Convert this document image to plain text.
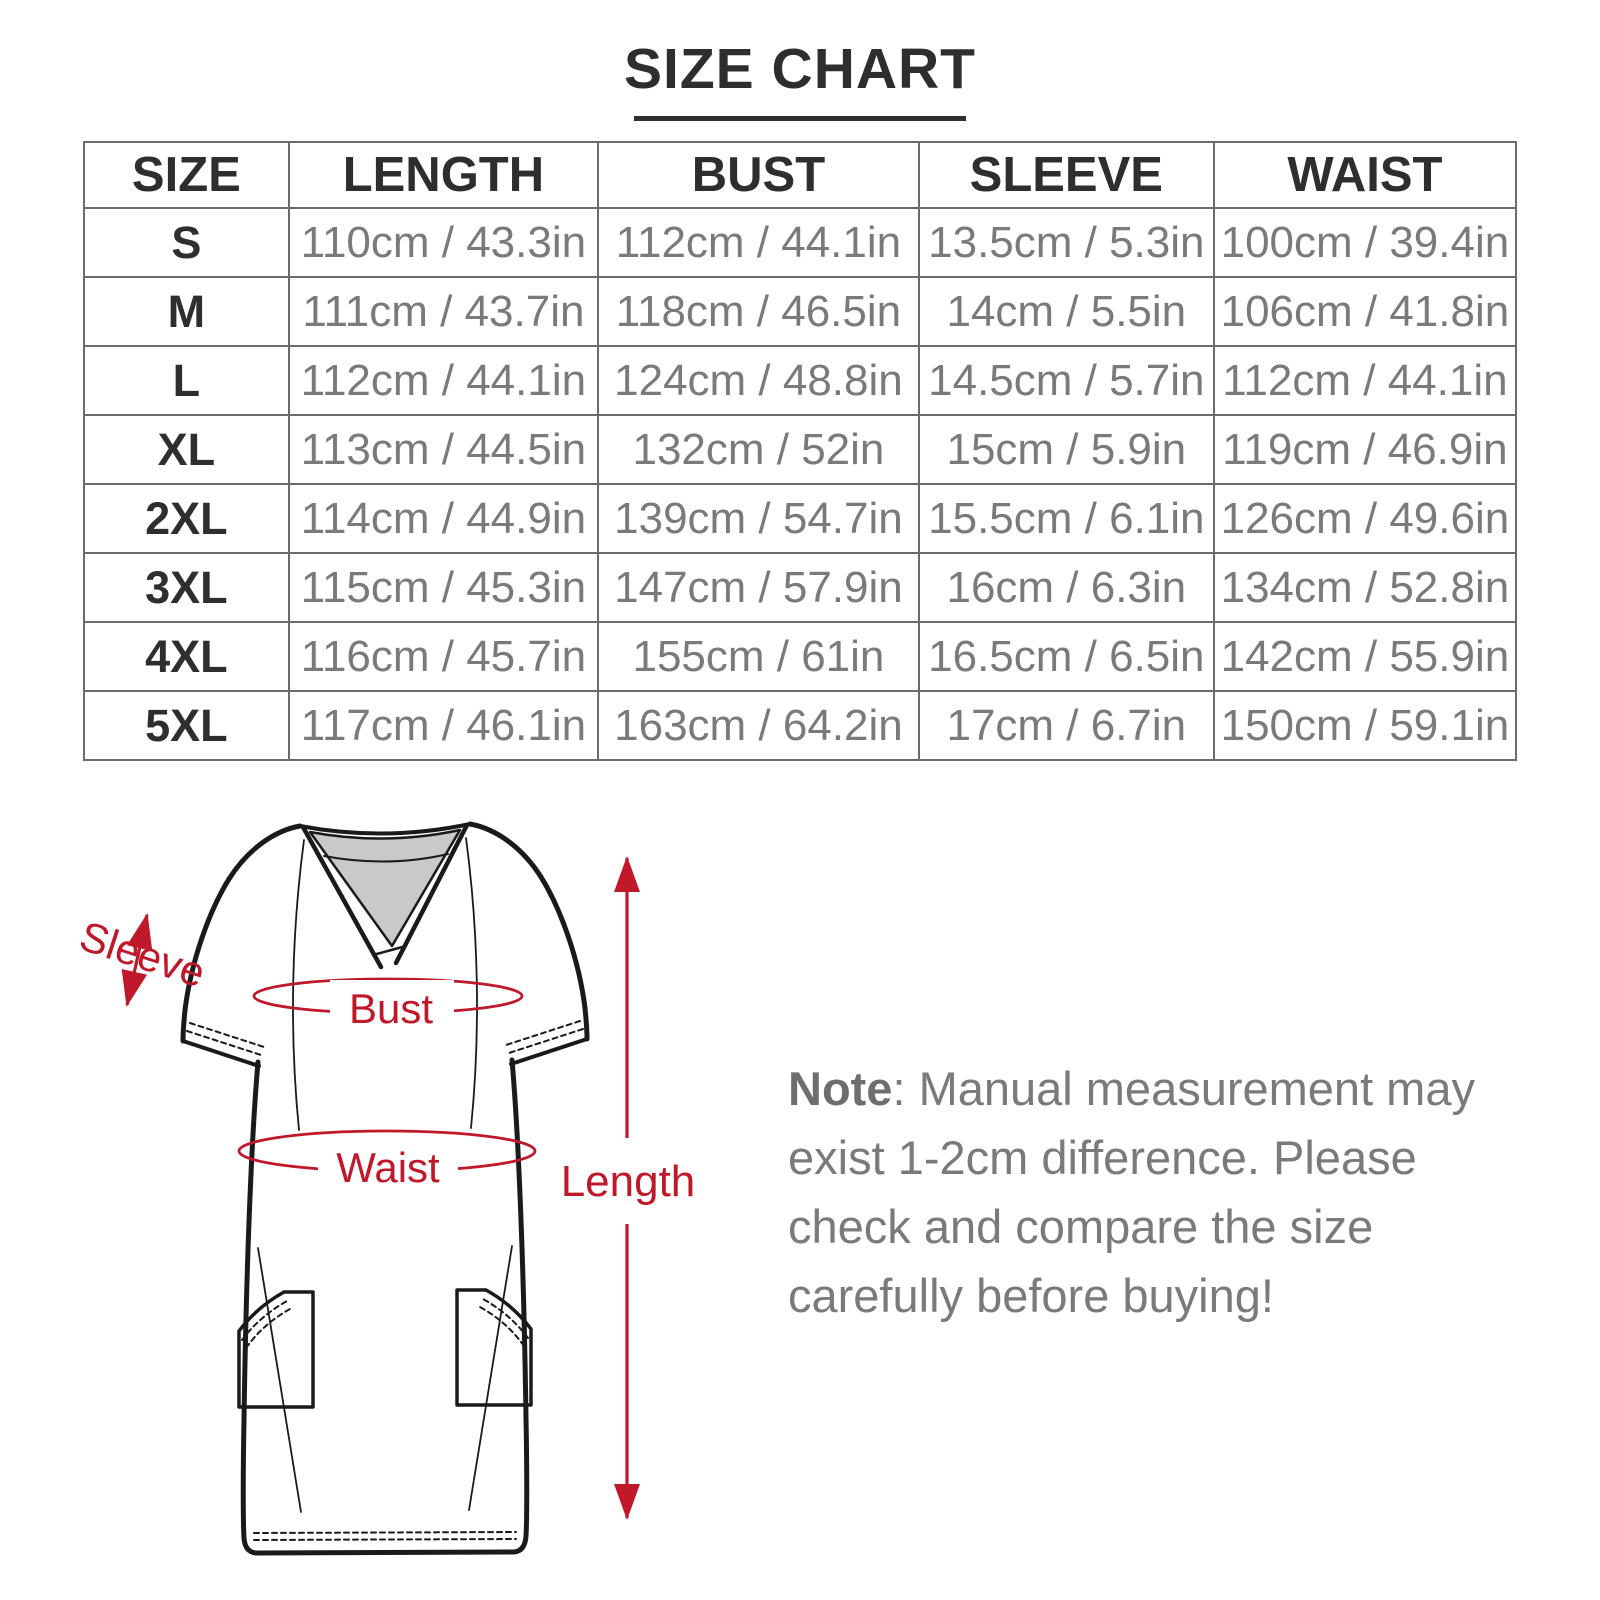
SIZE CHART
SIZE	LENGTH	BUST	SLEEVE	WAIST
S	110cm / 43.3in	112cm / 44.1in	13.5cm / 5.3in	100cm / 39.4in
M	111cm / 43.7in	118cm / 46.5in	14cm / 5.5in	106cm / 41.8in
L	112cm / 44.1in	124cm / 48.8in	14.5cm / 5.7in	112cm / 44.1in
XL	113cm / 44.5in	132cm / 52in	15cm / 5.9in	119cm / 46.9in
2XL	114cm / 44.9in	139cm / 54.7in	15.5cm / 6.1in	126cm / 49.6in
3XL	115cm / 45.3in	147cm / 57.9in	16cm / 6.3in	134cm / 52.8in
4XL	116cm / 45.7in	155cm / 61in	16.5cm / 6.5in	142cm / 55.9in
5XL	117cm / 46.1in	163cm / 64.2in	17cm / 6.7in	150cm / 59.1in
Bust
Waist
Sleeve
Length
Note: Manual measurement may
exist 1-2cm difference. Please
check and compare the size
carefully before buying!
